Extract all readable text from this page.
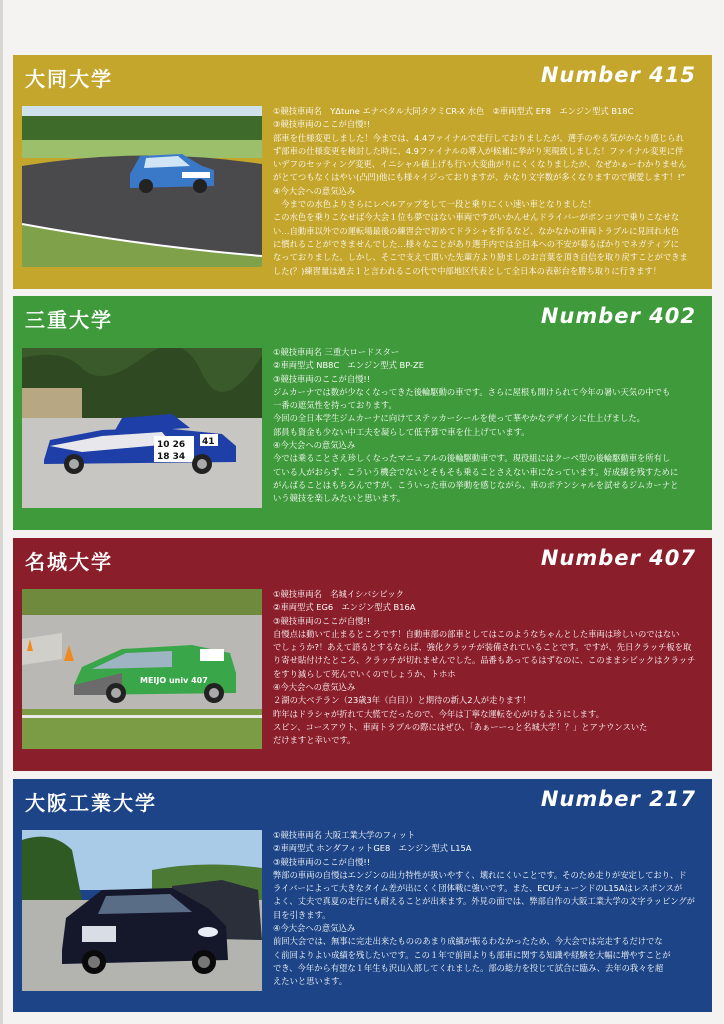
大同大学	Number 415

①競技車両名　YΔtune エナベタル大同タクミCR-X 水色　②車両型式 EF8　エンジン型式 B18C

③競技車両のここが自慢!!

部車を仕様変更しました！今までは、4.4ファイナルで走行しておりましたが、選手のやる気がかなり感じられ

ず部車の仕様変更を検討した時に、4.9ファイナルの導入が候補に挙がり実現致しました！ファイナル変更に伴

いデフのセッティング変更、イニシャル値上げも行い大変曲がりにくくなりましたが、なぜかぁーわかりません

がとてつもなくはやい(凸凹)他にも様々イジっておりますが、かなり文字数が多くなりますので割愛します！!”

④今大会への意気込み

　今までの水色よりさらにレベルアップをして一段と乗りにくい速い車となりました！

この水色を乗りこなせば今大会１位も夢ではない車両ですがいかんせんドライバーがポンコツで乗りこなせな

い…自動車以外での運転場最後の練習会で初めてドラシャを折るなど、なかなかの車両トラブルに見回れ水色

に慣れることができませんでした…様々なことがあり選手内では全日本への不安が募るばかりでネガティブに

なっておりました。しかし、そこで支えて頂いた先輩方より励ましのお言葉を頂き自信を取り戻すことができま

した(？)練習量は過去１と言われるこの代で中部地区代表として全日本の表彰台を勝ち取りに行きます！

三重大学	Number 402
10 26
18 34
41

①競技車両名 三重大ロードスター

②車両型式 NB8C　エンジン型式 BP-ZE

③競技車両のここが自慢!!

ジムカーナでは数が少なくなってきた後輪駆動の車です。さらに屋根も開けられて今年の暑い天気の中でも

一番の遮気性を持っております。

今回の全日本学生ジムカーナに向けてステッカーシールを使って華やかなデザインに仕上げました。

部員も資金も少ない中工夫を凝らして低予算で車を仕上げています。

④今大会への意気込み

今では乗ることさえ珍しくなったマニュアルの後輪駆動車です。現役組にはクーペ型の後輪駆動車を所有し

ている人がおらず、こういう機会でないとそもそも乗ることさえない車になっています。好成績を残すために

がんばることはもちろんですが、こういった車の挙動を感じながら、車のポテンシャルを試せるジムカーナと

いう競技を楽しみたいと思います。

名城大学	Number 407
MEIJO univ 407

①競技車両名　名城イシバシビック

②車両型式 EG6　エンジン型式 B16A

③競技車両のここが自慢!!

自慢点は動いて止まるところです！自動車部の部車としてはこのようなちゃんとした車両は珍しいのではない

でしょうか?！あえて語るとするならば、強化クラッチが装備されていることです。ですが、先日クラッチ板を取

り寄せ貼付けたところ、クラッチが切れませんでした。品番もあってるはずなのに、このままシビックはクラッチ

をすり減らして死んでいくのでしょうか、トホホ

④今大会への意気込み

２湖の大ベテラン（23歳3年（白目））と期待の新人2人が走ります！

昨年はドラシャが折れて大慌てだったので、今年は丁寧な運転を心がけるようにします。

スピン、コースアウト、車両トラブルの際にはぜひ、「あぁーーっと名城大学！？」とアナウンスいた

だけますと幸いです。

大阪工業大学	Number 217

①競技車両名 大阪工業大学のフィット

②車両型式 ホンダフィットGE8　エンジン型式 L15A

③競技車両のここが自慢!!

弊部の車両の自慢はエンジンの出力特性が扱いやすく、壊れにくいことです。そのため走りが安定しており、ド

ライバーによって大きなタイム差が出にくく団体戦に強いです。また、ECUチューンドのL15Aはレスポンスが

よく、丈夫で真夏の走行にも耐えることが出来ます。外見の面では、弊部自作の大阪工業大学の文字ラッピングが

目を引きます。

④今大会への意気込み

前回大会では、無事に完走出来たもののあまり成績が振るわなかったため、今大会では完走するだけでな

く前回よりよい成績を残したいです。この１年で前回よりも部車に関する知識や経験を大幅に増やすことが

でき、今年から有望な１年生も沢山入部してくれました。部の総力を投じて試合に臨み、去年の我々を超

えたいと思います。
